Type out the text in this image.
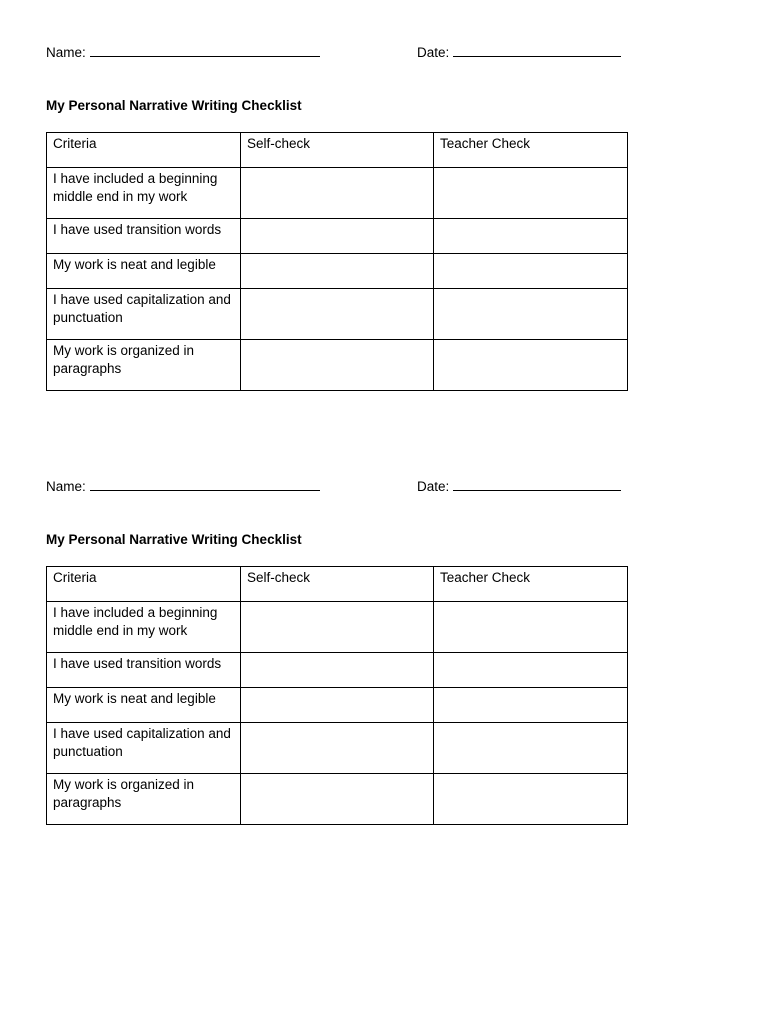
Name:	Date:
My Personal Narrative Writing Checklist
Criteria	Self-check	Teacher Check
I have included a beginning middle end in my work		
I have used transition words		
My work is neat and legible		
I have used capitalization and punctuation		
My work is organized in paragraphs		
Name:	Date:
My Personal Narrative Writing Checklist
Criteria	Self-check	Teacher Check
I have included a beginning middle end in my work		
I have used transition words		
My work is neat and legible		
I have used capitalization and punctuation		
My work is organized in paragraphs		
